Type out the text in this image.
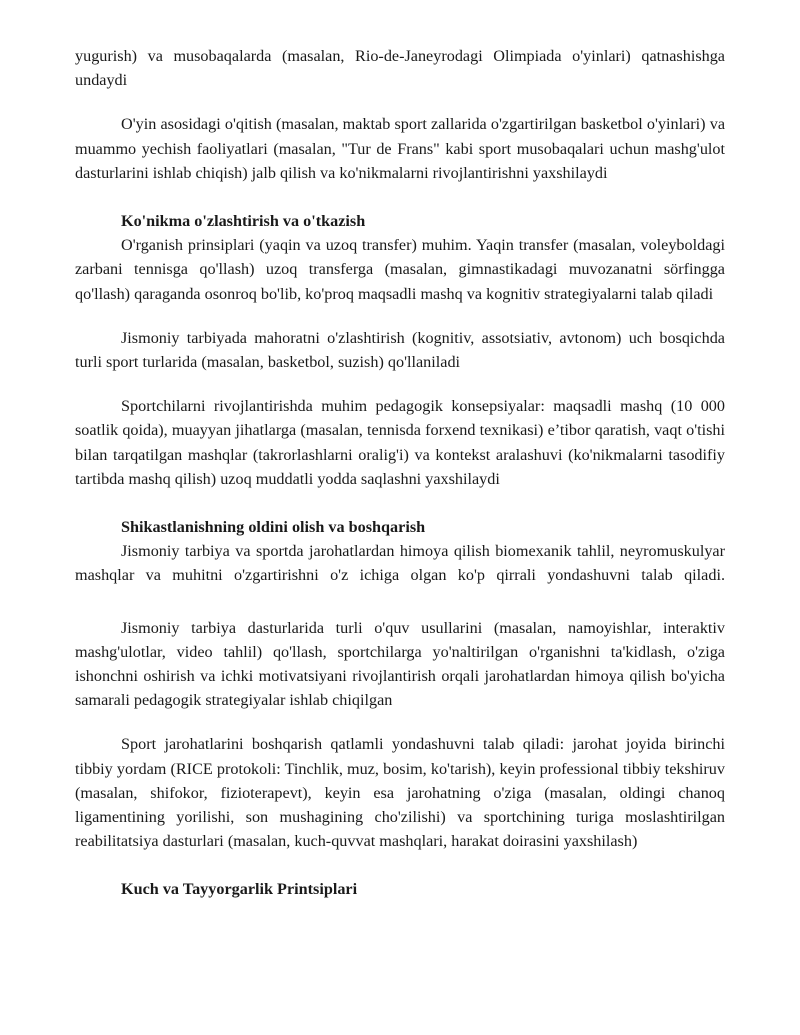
yugurish) va musobaqalarda (masalan, Rio-de-Janeyrodagi Olimpiada o'yinlari) qatnashishga undaydi

O'yin asosidagi o'qitish (masalan, maktab sport zallarida o'zgartirilgan basketbol o'yinlari) va muammo yechish faoliyatlari (masalan, "Tur de Frans" kabi sport musobaqalari uchun mashg'ulot dasturlarini ishlab chiqish) jalb qilish va ko'nikmalarni rivojlantirishni yaxshilaydi

Ko'nikma o'zlashtirish va o'tkazish

O'rganish prinsiplari (yaqin va uzoq transfer) muhim. Yaqin transfer (masalan, voleyboldagi zarbani tennisga qo'llash) uzoq transferga (masalan, gimnastikadagi muvozanatni sörfingga qo'llash) qaraganda osonroq bo'lib, ko'proq maqsadli mashq va kognitiv strategiyalarni talab qiladi

Jismoniy tarbiyada mahoratni o'zlashtirish (kognitiv, assotsiativ, avtonom) uch bosqichda turli sport turlarida (masalan, basketbol, suzish) qo'llaniladi

Sportchilarni rivojlantirishda muhim pedagogik konsepsiyalar: maqsadli mashq (10 000 soatlik qoida), muayyan jihatlarga (masalan, tennisda forxend texnikasi) e’tibor qaratish, vaqt o'tishi bilan tarqatilgan mashqlar (takrorlashlarni oralig'i) va kontekst aralashuvi (ko'nikmalarni tasodifiy tartibda mashq qilish) uzoq muddatli yodda saqlashni yaxshilaydi

Shikastlanishning oldini olish va boshqarish

Jismoniy tarbiya va sportda jarohatlardan himoya qilish biomexanik tahlil, neyromuskulyar mashqlar va muhitni o'zgartirishni o'z ichiga olgan ko'p qirrali yondashuvni talab qiladi.

Jismoniy tarbiya dasturlarida turli o'quv usullarini (masalan, namoyishlar, interaktiv mashg'ulotlar, video tahlil) qo'llash, sportchilarga yo'naltirilgan o'rganishni ta'kidlash, o'ziga ishonchni oshirish va ichki motivatsiyani rivojlantirish orqali jarohatlardan himoya qilish bo'yicha samarali pedagogik strategiyalar ishlab chiqilgan

Sport jarohatlarini boshqarish qatlamli yondashuvni talab qiladi: jarohat joyida birinchi tibbiy yordam (RICE protokoli: Tinchlik, muz, bosim, ko'tarish), keyin professional tibbiy tekshiruv (masalan, shifokor, fizioterapevt), keyin esa jarohatning o'ziga (masalan, oldingi chanoq ligamentining yorilishi, son mushagining cho'zilishi) va sportchining turiga moslashtirilgan reabilitatsiya dasturlari (masalan, kuch-quvvat mashqlari, harakat doirasini yaxshilash)

Kuch va Tayyorgarlik Printsiplari
